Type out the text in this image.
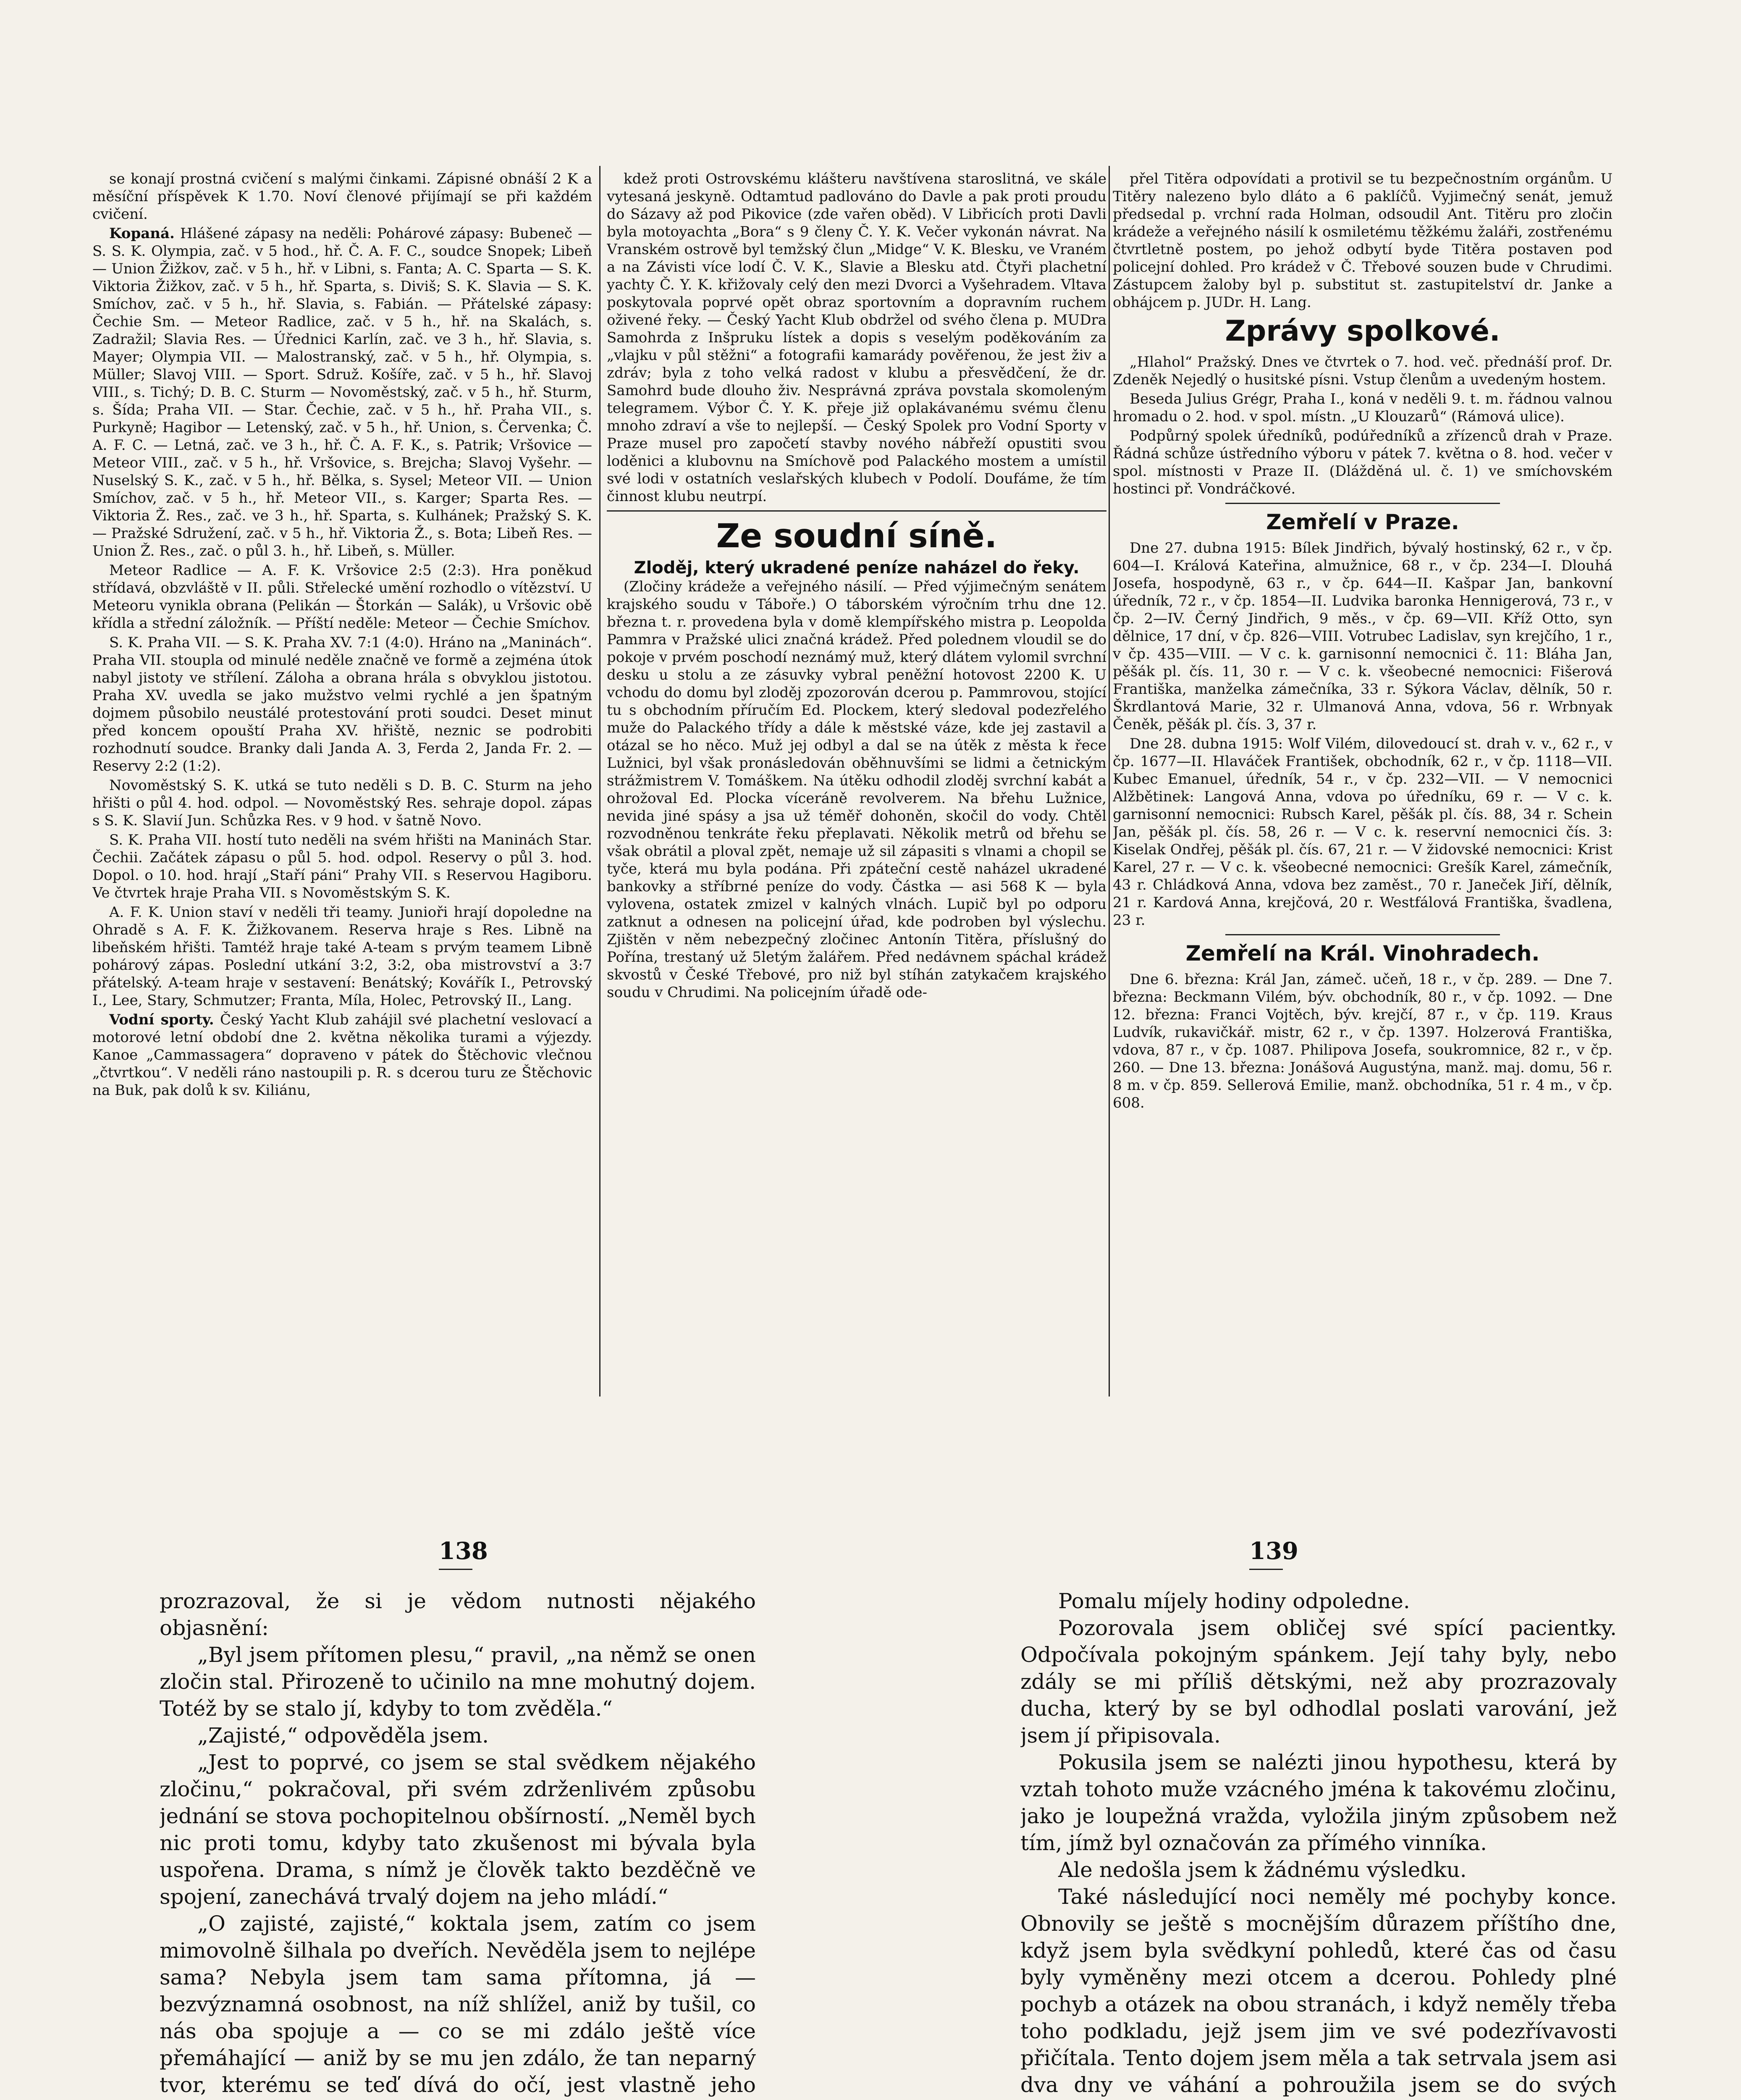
se konají prostná cvičení s malými činkami. Zápisné obnáší 2 K a měsíční příspěvek K 1.70. Noví členové přijímají se při každém cvičení.

Kopaná. Hlášené zápasy na neděli: Pohárové zápasy: Bubeneč — S. S. K. Olympia, zač. v 5 hod., hř. Č. A. F. C., soudce Snopek; Libeň — Union Žižkov, zač. v 5 h., hř. v Libni, s. Fanta; A. C. Sparta — S. K. Viktoria Žižkov, zač. v 5 h., hř. Sparta, s. Diviš; S. K. Slavia — S. K. Smíchov, zač. v 5 h., hř. Slavia, s. Fabián. — Přátelské zápasy: Čechie Sm. — Meteor Radlice, zač. v 5 h., hř. na Skalách, s. Zadražil; Slavia Res. — Úřednici Karlín, zač. ve 3 h., hř. Slavia, s. Mayer; Olympia VII. — Malostranský, zač. v 5 h., hř. Olympia, s. Müller; Slavoj VIII. — Sport. Sdruž. Košíře, zač. v 5 h., hř. Slavoj VIII., s. Tichý; D. B. C. Sturm — Novoměstský, zač. v 5 h., hř. Sturm, s. Šída; Praha VII. — Star. Čechie, zač. v 5 h., hř. Praha VII., s. Purkyně; Hagibor — Letenský, zač. v 5 h., hř. Union, s. Červenka; Č. A. F. C. — Letná, zač. ve 3 h., hř. Č. A. F. K., s. Patrik; Vršovice — Meteor VIII., zač. v 5 h., hř. Vršovice, s. Brejcha; Slavoj Vyšehr. — Nuselský S. K., zač. v 5 h., hř. Bělka, s. Sysel; Meteor VII. — Union Smíchov, zač. v 5 h., hř. Meteor VII., s. Karger; Sparta Res. — Viktoria Ž. Res., zač. ve 3 h., hř. Sparta, s. Kulhánek; Pražský S. K. — Pražské Sdružení, zač. v 5 h., hř. Viktoria Ž., s. Bota; Libeň Res. — Union Ž. Res., zač. o půl 3. h., hř. Libeň, s. Müller.

Meteor Radlice — A. F. K. Vršovice 2:5 (2:3). Hra poněkud střídavá, obzvláště v II. půli. Střelecké umění rozhodlo o vítězství. U Meteoru vynikla obrana (Pelikán — Štorkán — Salák), u Vršovic obě křídla a střední záložník. — Příští neděle: Meteor — Čechie Smíchov.

S. K. Praha VII. — S. K. Praha XV. 7:1 (4:0). Hráno na „Maninách“. Praha VII. stoupla od minulé neděle značně ve formě a zejména útok nabyl jistoty ve střílení. Záloha a obrana hrála s obvyklou jistotou. Praha XV. uvedla se jako mužstvo velmi rychlé a jen špatným dojmem působilo neustálé protestování proti soudci. Deset minut před koncem opouští Praha XV. hřiště, neznic se podrobiti rozhodnutí soudce. Branky dali Janda A. 3, Ferda 2, Janda Fr. 2. — Reservy 2:2 (1:2).

Novoměstský S. K. utká se tuto neděli s D. B. C. Sturm na jeho hřišti o půl 4. hod. odpol. — Novoměstský Res. sehraje dopol. zápas s S. K. Slavií Jun. Schůzka Res. v 9 hod. v šatně Novo.

S. K. Praha VII. hostí tuto neděli na svém hřišti na Maninách Star. Čechii. Začátek zápasu o půl 5. hod. odpol. Reservy o půl 3. hod. Dopol. o 10. hod. hrají „Staří páni“ Prahy VII. s Reservou Hagiboru. Ve čtvrtek hraje Praha VII. s Novoměstským S. K.

A. F. K. Union staví v neděli tři teamy. Junioři hrají dopoledne na Ohradě s A. F. K. Žižkovanem. Reserva hraje s Res. Libně na libeňském hřišti. Tamtéž hraje také A-team s prvým teamem Libně pohárový zápas. Poslední utkání 3:2, 3:2, oba mistrovství a 3:7 přátelský. A-team hraje v sestavení: Benátský; Kovářík I., Petrovský I., Lee, Stary, Schmutzer; Franta, Míla, Holec, Petrovský II., Lang.

Vodní sporty. Český Yacht Klub zahájil své plachetní veslovací a motorové letní období dne 2. května několika turami a výjezdy. Kanoe „Cammassagera“ dopraveno v pátek do Štěchovic vlečnou „čtvrtkou“. V neděli ráno nastoupili p. R. s dcerou turu ze Štěchovic na Buk, pak dolů k sv. Kiliánu,

kdež proti Ostrovskému klášteru navštívena staroslitná, ve skále vytesaná jeskyně. Odtamtud padlováno do Davle a pak proti proudu do Sázavy až pod Pikovice (zde vařen oběd). V Libřicích proti Davli byla motoyachta „Bora“ s 9 členy Č. Y. K. Večer vykonán návrat. Na Vranském ostrově byl temžský člun „Midge“ V. K. Blesku, ve Vraném a na Závisti více lodí Č. V. K., Slavie a Blesku atd. Čtyři plachetní yachty Č. Y. K. křižovaly celý den mezi Dvorci a Vyšehradem. Vltava poskytovala poprvé opět obraz sportovním a dopravním ruchem oživené řeky. — Český Yacht Klub obdržel od svého člena p. MUDra Samohrda z Inšpruku lístek a dopis s veselým poděkováním za „vlajku v půl stěžni“ a fotografii kamarády pověřenou, že jest živ a zdráv; byla z toho velká radost v klubu a přesvědčení, že dr. Samohrd bude dlouho živ. Nesprávná zpráva povstala skomoleným telegramem. Výbor Č. Y. K. přeje již oplakávanému svému členu mnoho zdraví a vše to nejlepší. — Český Spolek pro Vodní Sporty v Praze musel pro započetí stavby nového nábřeží opustiti svou loděnici a klubovnu na Smíchově pod Palackého mostem a umístil své lodi v ostatních veslařských klubech v Podolí. Doufáme, že tím činnost klubu neutrpí.

Ze soudní síně.
Zloděj, který ukradené peníze naházel do řeky.

(Zločiny krádeže a veřejného násilí. — Před výjimečným senátem krajského soudu v Táboře.) O táborském výročním trhu dne 12. března t. r. provedena byla v domě klempířského mistra p. Leopolda Pammra v Pražské ulici značná krádež. Před polednem vloudil se do pokoje v prvém poschodí neznámý muž, který dlátem vylomil svrchní desku u stolu a ze zásuvky vybral peněžní hotovost 2200 K. U vchodu do domu byl zloděj zpozorován dcerou p. Pammrovou, stojící tu s obchodním příručím Ed. Plockem, který sledoval podezřelého muže do Palackého třídy a dále k městské váze, kde jej zastavil a otázal se ho něco. Muž jej odbyl a dal se na útěk z města k řece Lužnici, byl však pronásledován oběhnuvšími se lidmi a četnickým strážmistrem V. Tomáškem. Na útěku odhodil zloděj svrchní kabát a ohrožoval Ed. Plocka víceráně revolverem. Na břehu Lužnice, nevida jiné spásy a jsa už téměř dohoněn, skočil do vody. Chtěl rozvodněnou tenkráte řeku přeplavati. Několik metrů od břehu se však obrátil a ploval zpět, nemaje už sil zápasiti s vlnami a chopil se tyče, která mu byla podána. Při zpáteční cestě naházel ukradené bankovky a stříbrné peníze do vody. Částka — asi 568 K — byla vylovena, ostatek zmizel v kalných vlnách. Lupič byl po odporu zatknut a odnesen na policejní úřad, kde podroben byl výslechu. Zjištěn v něm nebezpečný zločinec Antonín Titěra, příslušný do Pořína, trestaný už 5letým žalářem. Před nedávnem spáchal krádež skvostů v České Třebové, pro niž byl stíhán zatykačem krajského soudu v Chrudimi. Na policejním úřadě ode-

přel Titěra odpovídati a protivil se tu bezpečnostním orgánům. U Titěry nalezeno bylo dláto a 6 paklíčů. Vyjimečný senát, jemuž předsedal p. vrchní rada Holman, odsoudil Ant. Titěru pro zločin krádeže a veřejného násilí k osmiletému těžkému žaláři, zostřenému čtvrtletně postem, po jehož odbytí byde Titěra postaven pod policejní dohled. Pro krádež v Č. Třebové souzen bude v Chrudimi. Zástupcem žaloby byl p. substitut st. zastupitelství dr. Janke a obhájcem p. JUDr. H. Lang.

Zprávy spolkové.

„Hlahol“ Pražský. Dnes ve čtvrtek o 7. hod. več. přednáší prof. Dr. Zdeněk Nejedlý o husitské písni. Vstup členům a uvedeným hostem.

Beseda Julius Grégr, Praha I., koná v neděli 9. t. m. řádnou valnou hromadu o 2. hod. v spol. místn. „U Klouzarů“ (Rámová ulice).

Podpůrný spolek úředníků, podúředníků a zřízenců drah v Praze. Řádná schůze ústředního výboru v pátek 7. května o 8. hod. večer v spol. místnosti v Praze II. (Dlážděná ul. č. 1) ve smíchovském hostinci př. Vondráčkové.

Zemřelí v Praze.

Dne 27. dubna 1915: Bílek Jindřich, bývalý hostinský, 62 r., v čp. 604—I. Králová Kateřina, almužnice, 68 r., v čp. 234—I. Dlouhá Josefa, hospodyně, 63 r., v čp. 644—II. Kašpar Jan, bankovní úředník, 72 r., v čp. 1854—II. Ludvika baronka Hennigerová, 73 r., v čp. 2—IV. Černý Jindřich, 9 měs., v čp. 69—VII. Kříž Otto, syn dělnice, 17 dní, v čp. 826—VIII. Votrubec Ladislav, syn krejčího, 1 r., v čp. 435—VIII. — V c. k. garnisonní nemocnici č. 11: Bláha Jan, pěšák pl. čís. 11, 30 r. — V c. k. všeobecné nemocnici: Fišerová Františka, manželka zámečníka, 33 r. Sýkora Václav, dělník, 50 r. Škrdlantová Marie, 32 r. Ulmanová Anna, vdova, 56 r. Wrbnyak Čeněk, pěšák pl. čís. 3, 37 r.

Dne 28. dubna 1915: Wolf Vilém, dilovedoucí st. drah v. v., 62 r., v čp. 1677—II. Hlaváček František, obchodník, 62 r., v čp. 1118—VII. Kubec Emanuel, úředník, 54 r., v čp. 232—VII. — V nemocnici Alžbětinek: Langová Anna, vdova po úředníku, 69 r. — V c. k. garnisonní nemocnici: Rubsch Karel, pěšák pl. čís. 88, 34 r. Schein Jan, pěšák pl. čís. 58, 26 r. — V c. k. reservní nemocnici čís. 3: Kiselak Ondřej, pěšák pl. čís. 67, 21 r. — V židovské nemocnici: Krist Karel, 27 r. — V c. k. všeobecné nemocnici: Grešík Karel, zámečník, 43 r. Chládková Anna, vdova bez zaměst., 70 r. Janeček Jiří, dělník, 21 r. Kardová Anna, krejčová, 20 r. Westfálová Františka, švadlena, 23 r.

Zemřelí na Král. Vinohradech.

Dne 6. března: Král Jan, zámeč. učeň, 18 r., v čp. 289. — Dne 7. března: Beckmann Vilém, býv. obchodník, 80 r., v čp. 1092. — Dne 12. března: Franci Vojtěch, býv. krejčí, 87 r., v čp. 119. Kraus Ludvík, rukavičkář. mistr, 62 r., v čp. 1397. Holzerová Františka, vdova, 87 r., v čp. 1087. Philipova Josefa, soukromnice, 82 r., v čp. 260. — Dne 13. března: Jonášová Augustýna, manž. maj. domu, 56 r. 8 m. v čp. 859. Sellerová Emilie, manž. obchodníka, 51 r. 4 m., v čp. 608.

138	139

prozrazoval, že si je vědom nutnosti nějakého objasnění:

„Byl jsem přítomen plesu,“ pravil, „na němž se onen zločin stal. Přirozeně to učinilo na mne mohutný dojem. Totéž by se stalo jí, kdyby to tom zvěděla.“

„Zajisté,“ odpověděla jsem.

„Jest to poprvé, co jsem se stal svědkem nějakého zločinu,“ pokračoval, při svém zdrženlivém způsobu jednání se stova pochopitelnou obšírností. „Neměl bych nic proti tomu, kdyby tato zkušenost mi bývala byla uspořena. Drama, s nímž je člověk takto bezděčně ve spojení, zanechává trvalý dojem na jeho mládí.“

„O zajisté, zajisté,“ koktala jsem, zatím co jsem mimovolně šilhala po dveřích. Nevěděla jsem to nejlépe sama? Nebyla jsem tam sama přítomna, já — bezvýznamná osobnost, na níž shlížel, aniž by tušil, co nás oba spojuje a — co se mi zdálo ještě více přemáhající — aniž by se mu jen zdálo, že tan neparný tvor, kterému se teď dívá do očí, jest vlastně jeho

Pomalu míjely hodiny odpoledne.

Pozorovala jsem obličej své spící pacientky. Odpočívala pokojným spánkem. Její tahy byly, nebo zdály se mi příliš dětskými, než aby prozrazovaly ducha, který by se byl odhodlal poslati varování, jež jsem jí připisovala.

Pokusila jsem se nalézti jinou hypothesu, která by vztah tohoto muže vzácného jména k takovému zločinu, jako je loupežná vražda, vyložila jiným způsobem než tím, jímž byl označován za přímého vinníka.

Ale nedošla jsem k žádnému výsledku.

Také následující noci neměly mé pochyby konce. Obnovily se ještě s mocnějším důrazem příštího dne, když jsem byla svědkyní pohledů, které čas od času byly vyměněny mezi otcem a dcerou. Pohledy plné pochyb a otázek na obou stranách, i když neměly třeba toho podkladu, jejž jsem jim ve své podezřívavosti přičítala. Tento dojem jsem měla a tak setrvala jsem asi dva dny ve váhání a pohroužila jsem se do svých
